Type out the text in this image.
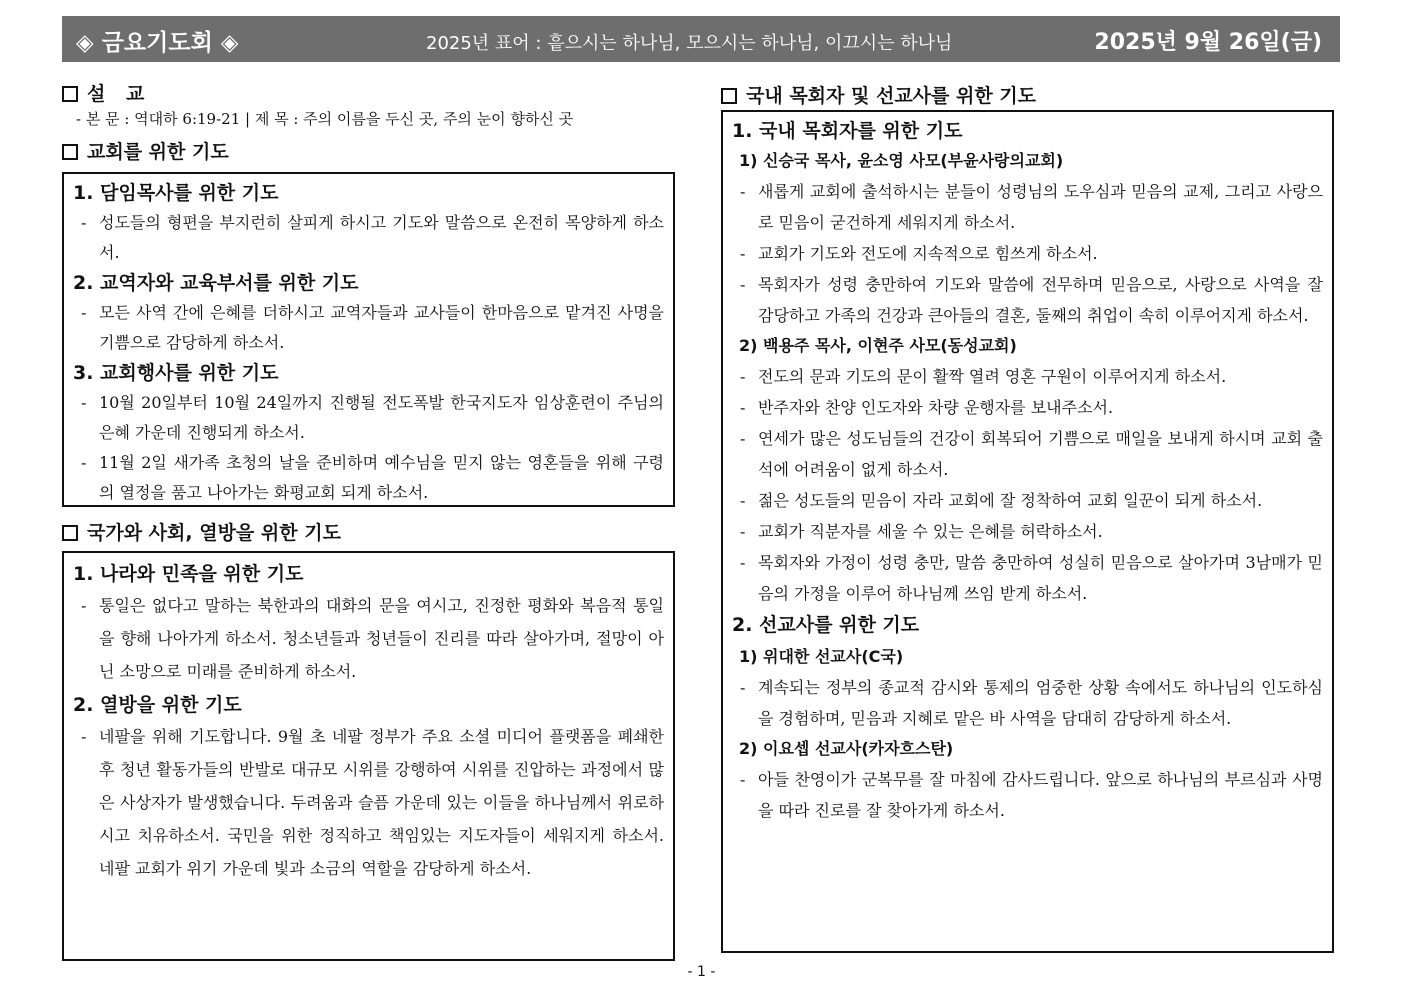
◈ 금요기도회 ◈	2025년 표어 : 흩으시는 하나님, 모으시는 하나님, 이끄시는 하나님	2025년 9월 26일(금)
설 교
- 본 문 : 역대하 6:19-21 | 제 목 : 주의 이름을 두신 곳, 주의 눈이 향하신 곳
교회를 위한 기도
1. 담임목사를 위한 기도
- 성도들의 형편을 부지런히 살피게 하시고 기도와 말씀으로 온전히 목양하게 하소서.
2. 교역자와 교육부서를 위한 기도
- 모든 사역 간에 은혜를 더하시고 교역자들과 교사들이 한마음으로 맡겨진 사명을 기쁨으로 감당하게 하소서.
3. 교회행사를 위한 기도
- 10월 20일부터 10월 24일까지 진행될 전도폭발 한국지도자 임상훈련이 주님의 은혜 가운데 진행되게 하소서.
- 11월 2일 새가족 초청의 날을 준비하며 예수님을 믿지 않는 영혼들을 위해 구령의 열정을 품고 나아가는 화평교회 되게 하소서.
국가와 사회, 열방을 위한 기도
1. 나라와 민족을 위한 기도
- 통일은 없다고 말하는 북한과의 대화의 문을 여시고, 진정한 평화와 복음적 통일을 향해 나아가게 하소서. 청소년들과 청년들이 진리를 따라 살아가며, 절망이 아닌 소망으로 미래를 준비하게 하소서.
2. 열방을 위한 기도
- 네팔을 위해 기도합니다. 9월 초 네팔 정부가 주요 소셜 미디어 플랫폼을 폐쇄한 후 청년 활동가들의 반발로 대규모 시위를 강행하여 시위를 진압하는 과정에서 많은 사상자가 발생했습니다. 두려움과 슬픔 가운데 있는 이들을 하나님께서 위로하시고 치유하소서. 국민을 위한 정직하고 책임있는 지도자들이 세워지게 하소서. 네팔 교회가 위기 가운데 빛과 소금의 역할을 감당하게 하소서.
국내 목회자 및 선교사를 위한 기도
1. 국내 목회자를 위한 기도
1) 신승국 목사, 윤소영 사모(부윤사랑의교회)
- 새롭게 교회에 출석하시는 분들이 성령님의 도우심과 믿음의 교제, 그리고 사랑으로 믿음이 굳건하게 세워지게 하소서.
- 교회가 기도와 전도에 지속적으로 힘쓰게 하소서.
- 목회자가 성령 충만하여 기도와 말씀에 전무하며 믿음으로, 사랑으로 사역을 잘 감당하고 가족의 건강과 큰아들의 결혼, 둘째의 취업이 속히 이루어지게 하소서.
2) 백용주 목사, 이현주 사모(동성교회)
- 전도의 문과 기도의 문이 활짝 열려 영혼 구원이 이루어지게 하소서.
- 반주자와 찬양 인도자와 차량 운행자를 보내주소서.
- 연세가 많은 성도님들의 건강이 회복되어 기쁨으로 매일을 보내게 하시며 교회 출석에 어려움이 없게 하소서.
- 젊은 성도들의 믿음이 자라 교회에 잘 정착하여 교회 일꾼이 되게 하소서.
- 교회가 직분자를 세울 수 있는 은혜를 허락하소서.
- 목회자와 가정이 성령 충만, 말씀 충만하여 성실히 믿음으로 살아가며 3남매가 믿음의 가정을 이루어 하나님께 쓰임 받게 하소서.
2. 선교사를 위한 기도
1) 위대한 선교사(C국)
- 계속되는 정부의 종교적 감시와 통제의 엄중한 상황 속에서도 하나님의 인도하심을 경험하며, 믿음과 지혜로 맡은 바 사역을 담대히 감당하게 하소서.
2) 이요셉 선교사(카자흐스탄)
- 아들 찬영이가 군복무를 잘 마침에 감사드립니다. 앞으로 하나님의 부르심과 사명을 따라 진로를 잘 찾아가게 하소서.
- 1 -
